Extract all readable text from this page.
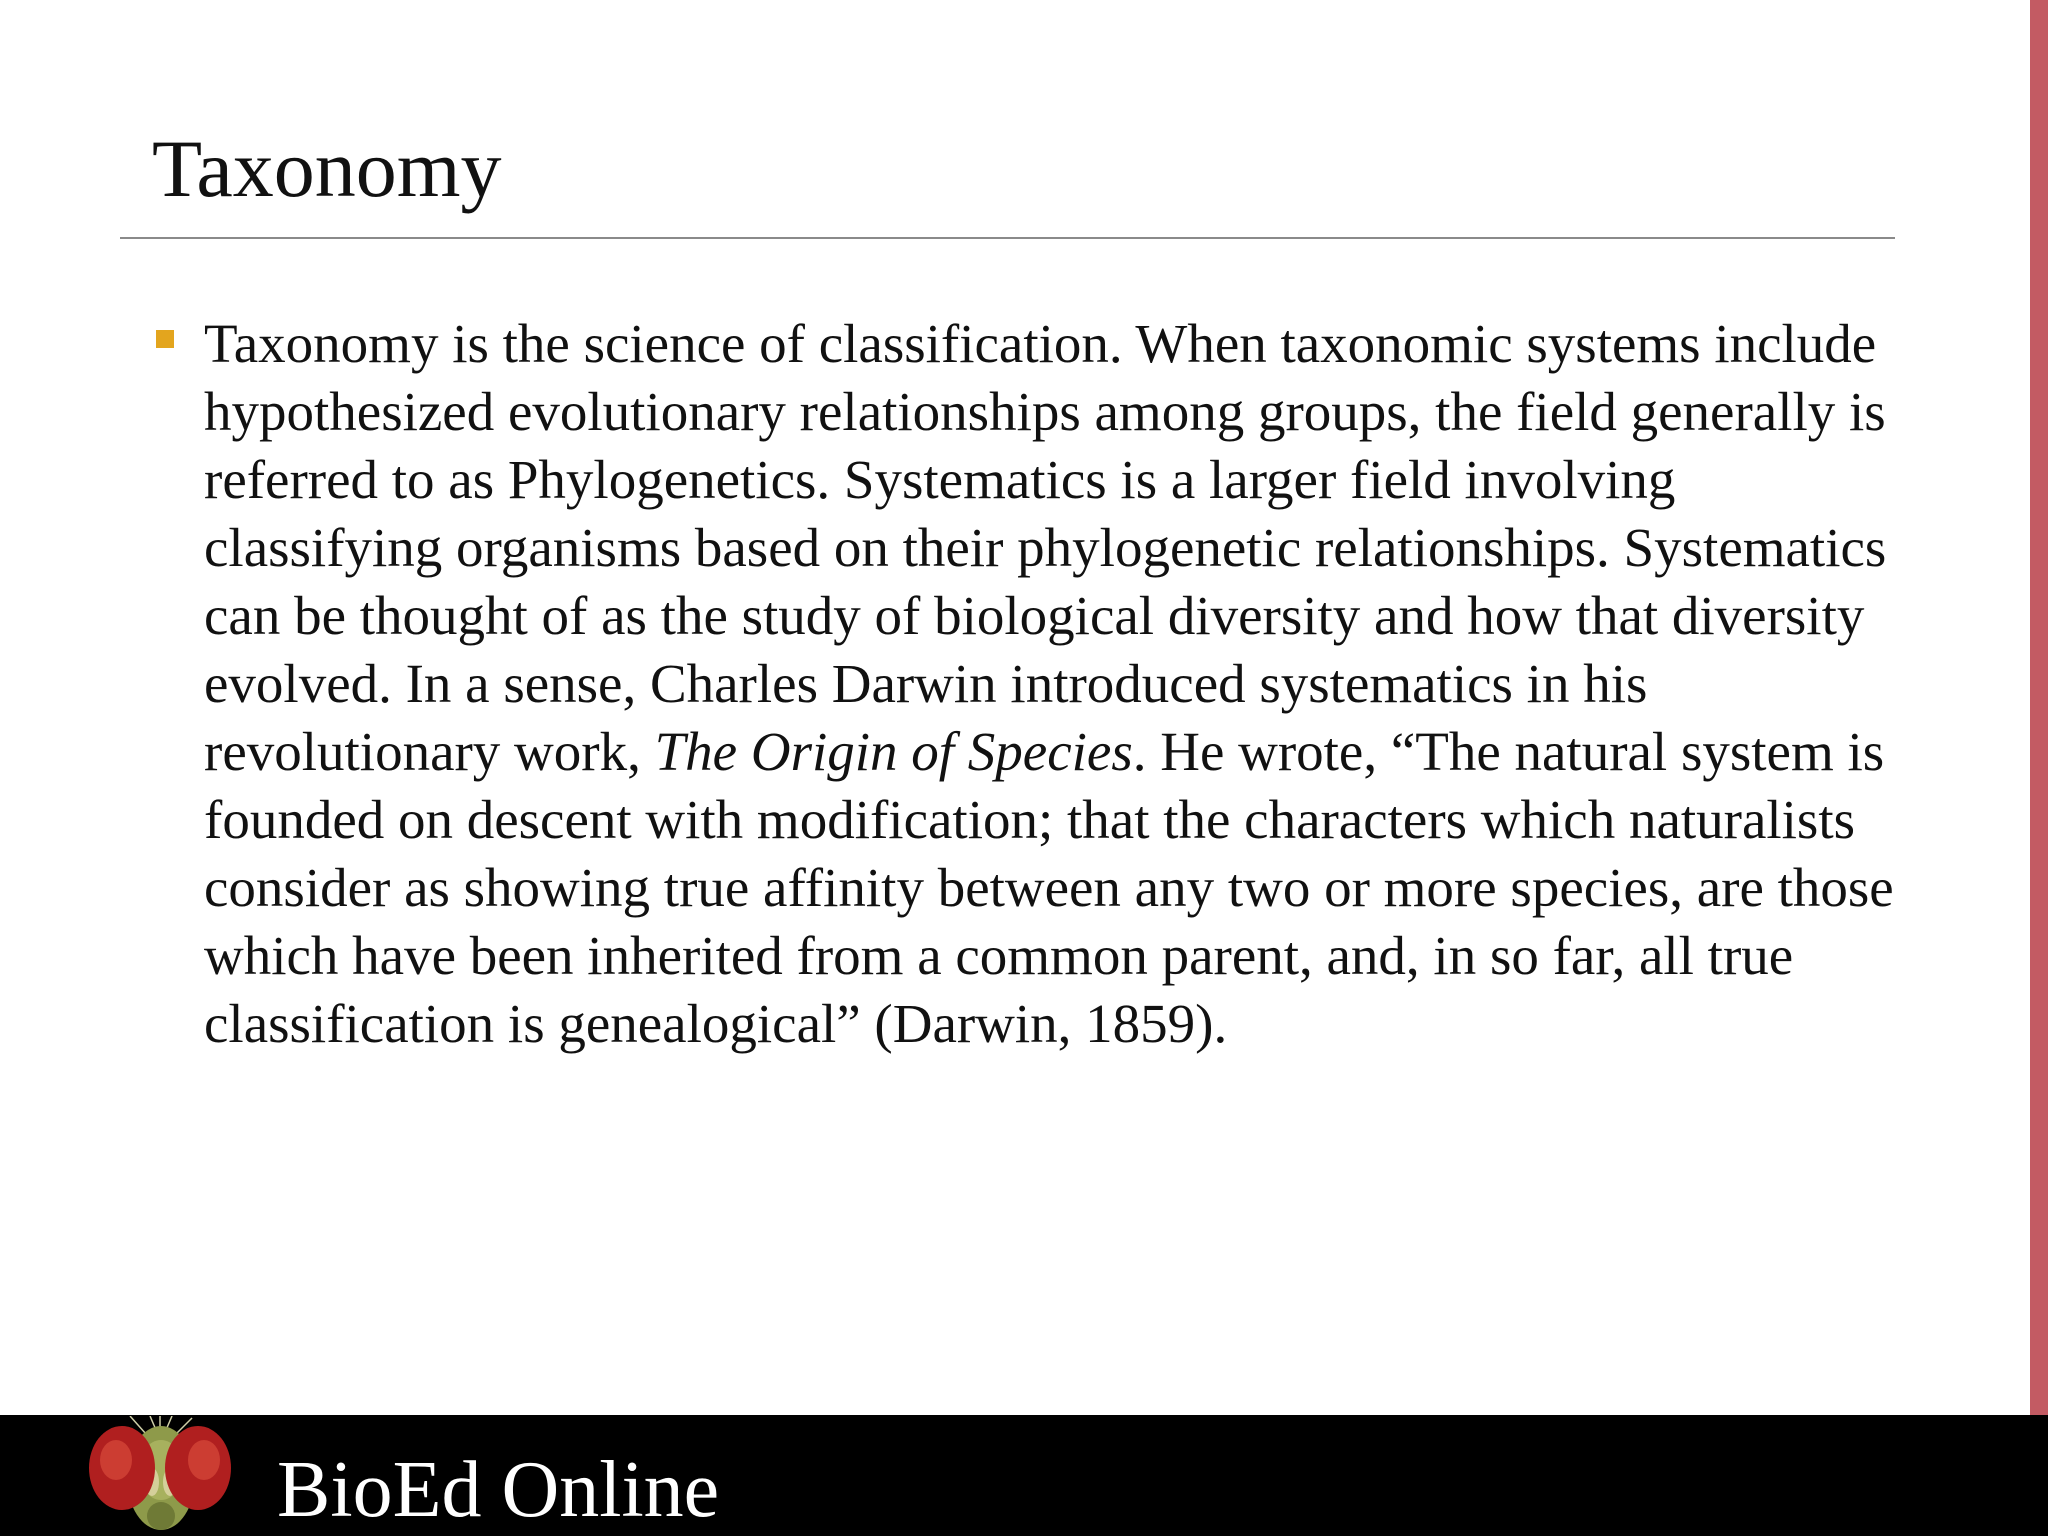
Taxonomy

Taxonomy is the science of classification. When taxonomic systems include hypothesized evolutionary relationships among groups, the field generally is referred to as Phylogenetics. Systematics is a larger field involving classifying organisms based on their phylogenetic relationships. Systematics can be thought of as the study of biological diversity and how that diversity evolved. In a sense, Charles Darwin introduced systematics in his revolutionary work, The Origin of Species. He wrote, “The natural system is founded on descent with modification; that the characters which naturalists consider as showing true affinity between any two or more species, are those which have been inherited from a common parent, and, in so far, all true classification is genealogical” (Darwin, 1859).

BioEd Online
